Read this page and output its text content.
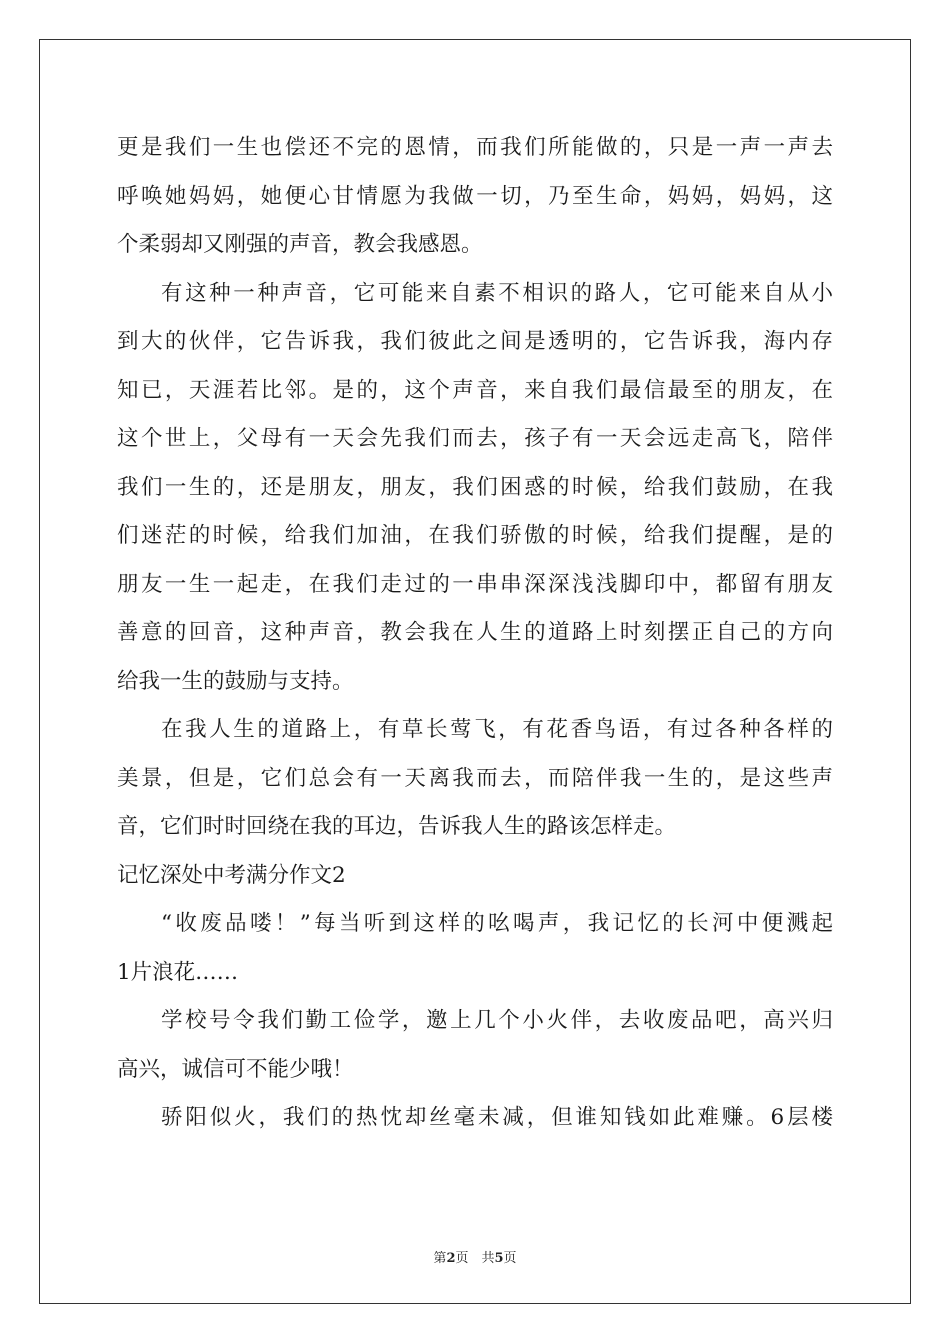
更是我们一生也偿还不完的恩情，而我们所能做的，只是一声一声去
呼唤她妈妈，她便心甘情愿为我做一切，乃至生命，妈妈，妈妈，这
个柔弱却又刚强的声音，教会我感恩。
有这种一种声音，它可能来自素不相识的路人，它可能来自从小
到大的伙伴，它告诉我，我们彼此之间是透明的，它告诉我，海内存
知已，天涯若比邻。是的，这个声音，来自我们最信最至的朋友，在
这个世上，父母有一天会先我们而去，孩子有一天会远走高飞，陪伴
我们一生的，还是朋友，朋友，我们困惑的时候，给我们鼓励，在我
们迷茫的时候，给我们加油，在我们骄傲的时候，给我们提醒，是的
朋友一生一起走，在我们走过的一串串深深浅浅脚印中，都留有朋友
善意的回音，这种声音，教会我在人生的道路上时刻摆正自己的方向
给我一生的鼓励与支持。
在我人生的道路上，有草长莺飞，有花香鸟语，有过各种各样的
美景，但是，它们总会有一天离我而去，而陪伴我一生的，是这些声
音，它们时时回绕在我的耳边，告诉我人生的路该怎样走。
记忆深处中考满分作文2
“收废品喽！”每当听到这样的吆喝声，我记忆的长河中便溅起
1片浪花……
学校号令我们勤工俭学，邀上几个小火伴，去收废品吧，高兴归
高兴，诚信可不能少哦！
骄阳似火，我们的热忱却丝毫未减，但谁知钱如此难赚。6层楼
第2页　共5页
